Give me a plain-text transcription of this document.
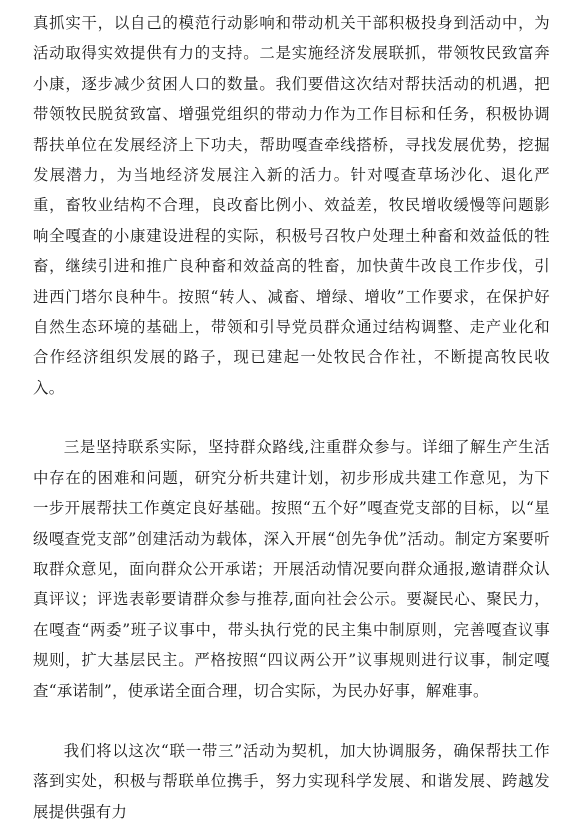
真抓实干，以自己的模范行动影响和带动机关干部积极投身到活动中，为活动取得实效提供有力的支持。二是实施经济发展联抓，带领牧民致富奔小康，逐步减少贫困人口的数量。我们要借这次结对帮扶活动的机遇，把带领牧民脱贫致富、增强党组织的带动力作为工作目标和任务，积极协调帮扶单位在发展经济上下功夫，帮助嘎查牵线搭桥，寻找发展优势，挖掘发展潜力，为当地经济发展注入新的活力。针对嘎查草场沙化、退化严重，畜牧业结构不合理，良改畜比例小、效益差，牧民增收缓慢等问题影响全嘎查的小康建设进程的实际，积极号召牧户处理土种畜和效益低的牲畜，继续引进和推广良种畜和效益高的牲畜，加快黄牛改良工作步伐，引进西门塔尔良种牛。按照“转人、减畜、增绿、增收”工作要求，在保护好自然生态环境的基础上，带领和引导党员群众通过结构调整、走产业化和合作经济组织发展的路子，现已建起一处牧民合作社，不断提高牧民收入。

三是坚持联系实际，坚持群众路线,注重群众参与。详细了解生产生活中存在的困难和问题，研究分析共建计划，初步形成共建工作意见，为下一步开展帮扶工作奠定良好基础。按照“五个好”嘎查党支部的目标，以“星级嘎查党支部”创建活动为载体，深入开展“创先争优”活动。制定方案要听取群众意见，面向群众公开承诺；开展活动情况要向群众通报,邀请群众认真评议；评选表彰要请群众参与推荐,面向社会公示。要凝民心、聚民力，在嘎查“两委”班子议事中，带头执行党的民主集中制原则，完善嘎查议事规则，扩大基层民主。严格按照“四议两公开”议事规则进行议事，制定嘎查“承诺制”，使承诺全面合理，切合实际，为民办好事，解难事。

我们将以这次“联一带三”活动为契机，加大协调服务，确保帮扶工作落到实处，积极与帮联单位携手，努力实现科学发展、和谐发展、跨越发展提供强有力
